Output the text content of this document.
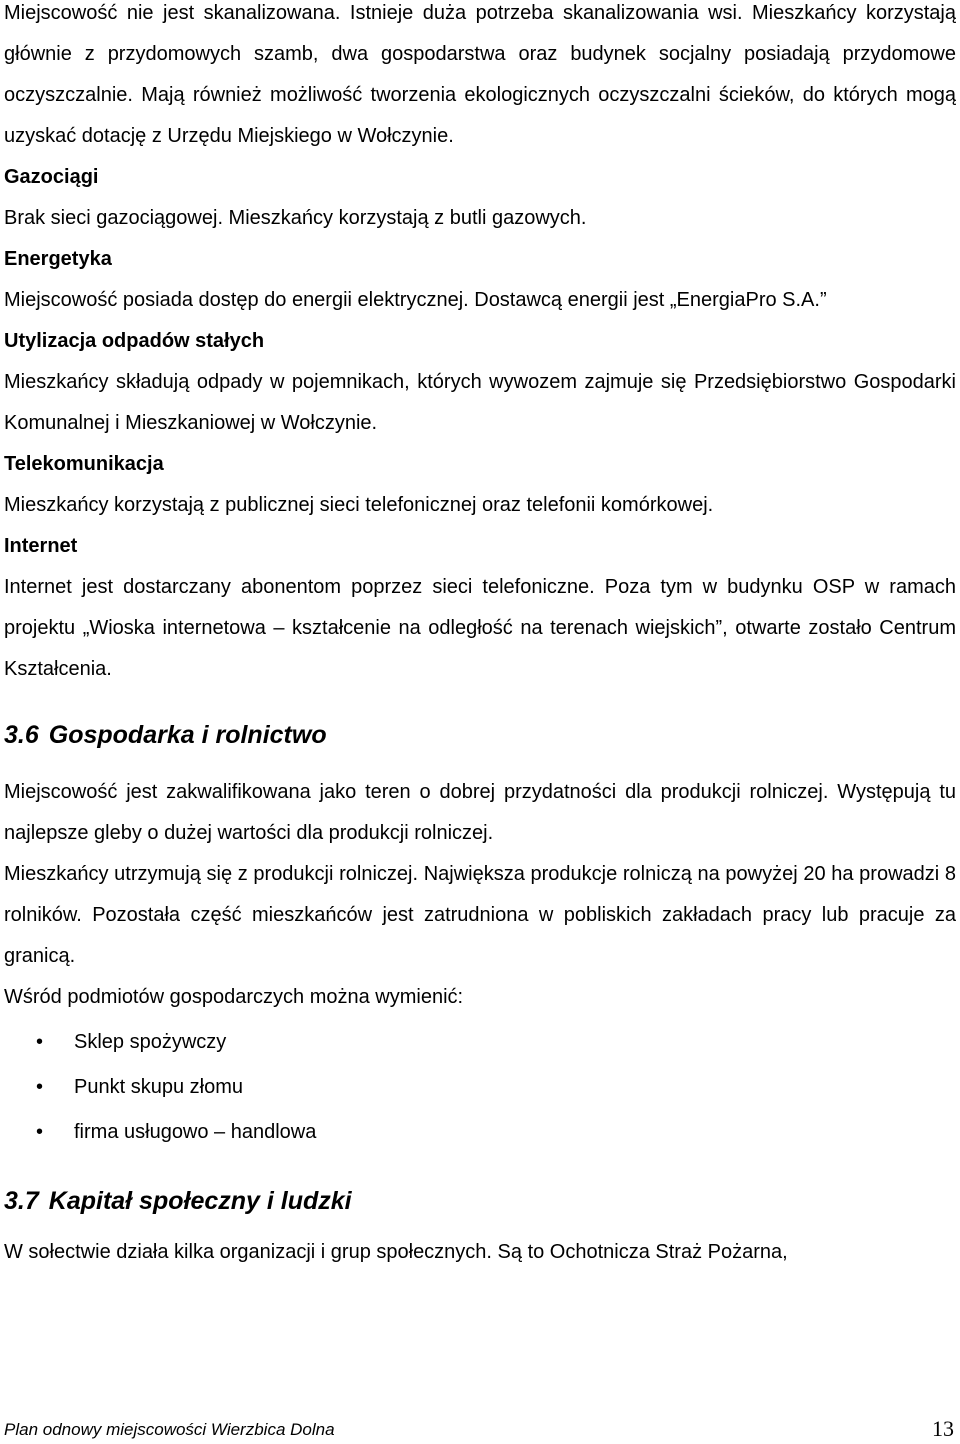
Miejscowość nie jest skanalizowana. Istnieje duża potrzeba skanalizowania wsi. Mieszkańcy korzystają głównie z przydomowych szamb, dwa gospodarstwa oraz budynek socjalny posiadają przydomowe oczyszczalnie. Mają również możliwość tworzenia ekologicznych oczyszczalni ścieków, do których mogą uzyskać dotację z Urzędu Miejskiego w Wołczynie.

Gazociągi

Brak sieci gazociągowej. Mieszkańcy korzystają z butli gazowych.

Energetyka

Miejscowość posiada dostęp do energii elektrycznej. Dostawcą energii jest „EnergiaPro S.A.”

Utylizacja odpadów stałych

Mieszkańcy składują odpady w pojemnikach, których wywozem zajmuje się Przedsiębiorstwo Gospodarki Komunalnej i Mieszkaniowej w Wołczynie.

Telekomunikacja

Mieszkańcy korzystają z publicznej sieci telefonicznej oraz telefonii komórkowej.

Internet

Internet jest dostarczany abonentom poprzez sieci telefoniczne. Poza tym w budynku OSP w ramach projektu „Wioska internetowa – kształcenie na odległość na terenach wiejskich”, otwarte zostało Centrum Kształcenia.

3.6 Gospodarka i rolnictwo

Miejscowość jest zakwalifikowana jako teren o dobrej przydatności dla produkcji rolniczej. Występują tu najlepsze gleby o dużej wartości dla produkcji rolniczej.

Mieszkańcy utrzymują się z produkcji rolniczej. Największa produkcje rolniczą na powyżej 20 ha prowadzi 8 rolników. Pozostała część mieszkańców jest zatrudniona w pobliskich zakładach pracy lub pracuje za granicą.

Wśród podmiotów gospodarczych można wymienić:

• Sklep spożywczy
• Punkt skupu złomu
• firma usługowo – handlowa
3.7 Kapitał społeczny i ludzki

W sołectwie działa kilka organizacji i grup społecznych. Są to Ochotnicza Straż Pożarna,

Plan odnowy miejscowości Wierzbica Dolna	13
